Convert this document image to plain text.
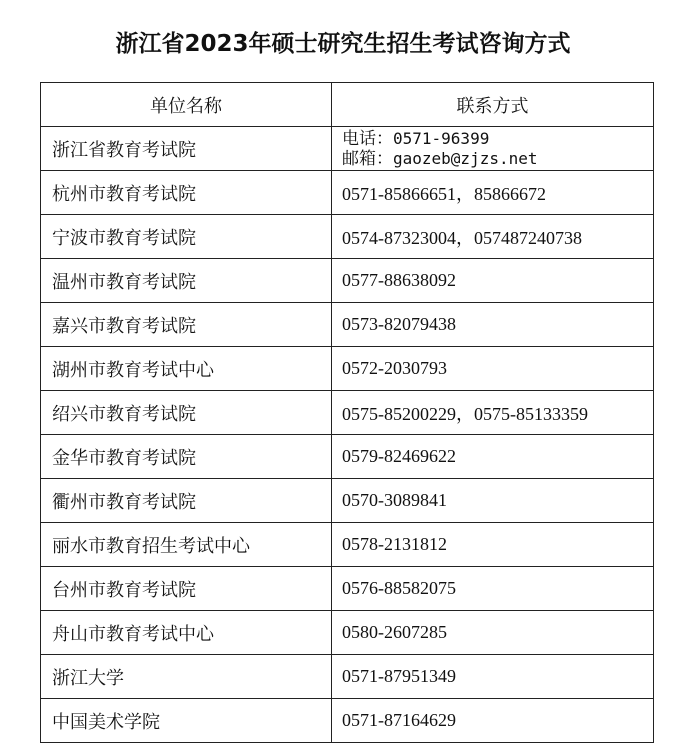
浙江省2023年硕士研究生招生考试咨询方式
单位名称	联系方式
浙江省教育考试院	电话：0571-96399
邮箱：gaozeb@zjzs.net

杭州市教育考试院	0571-85866651，85866672
宁波市教育考试院	0574-87323004，057487240738
温州市教育考试院	0577-88638092
嘉兴市教育考试院	0573-82079438
湖州市教育考试中心	0572-2030793
绍兴市教育考试院	0575-85200229，0575-85133359
金华市教育考试院	0579-82469622
衢州市教育考试院	0570-3089841
丽水市教育招生考试中心	0578-2131812
台州市教育考试院	0576-88582075
舟山市教育考试中心	0580-2607285
浙江大学	0571-87951349
中国美术学院	0571-87164629
